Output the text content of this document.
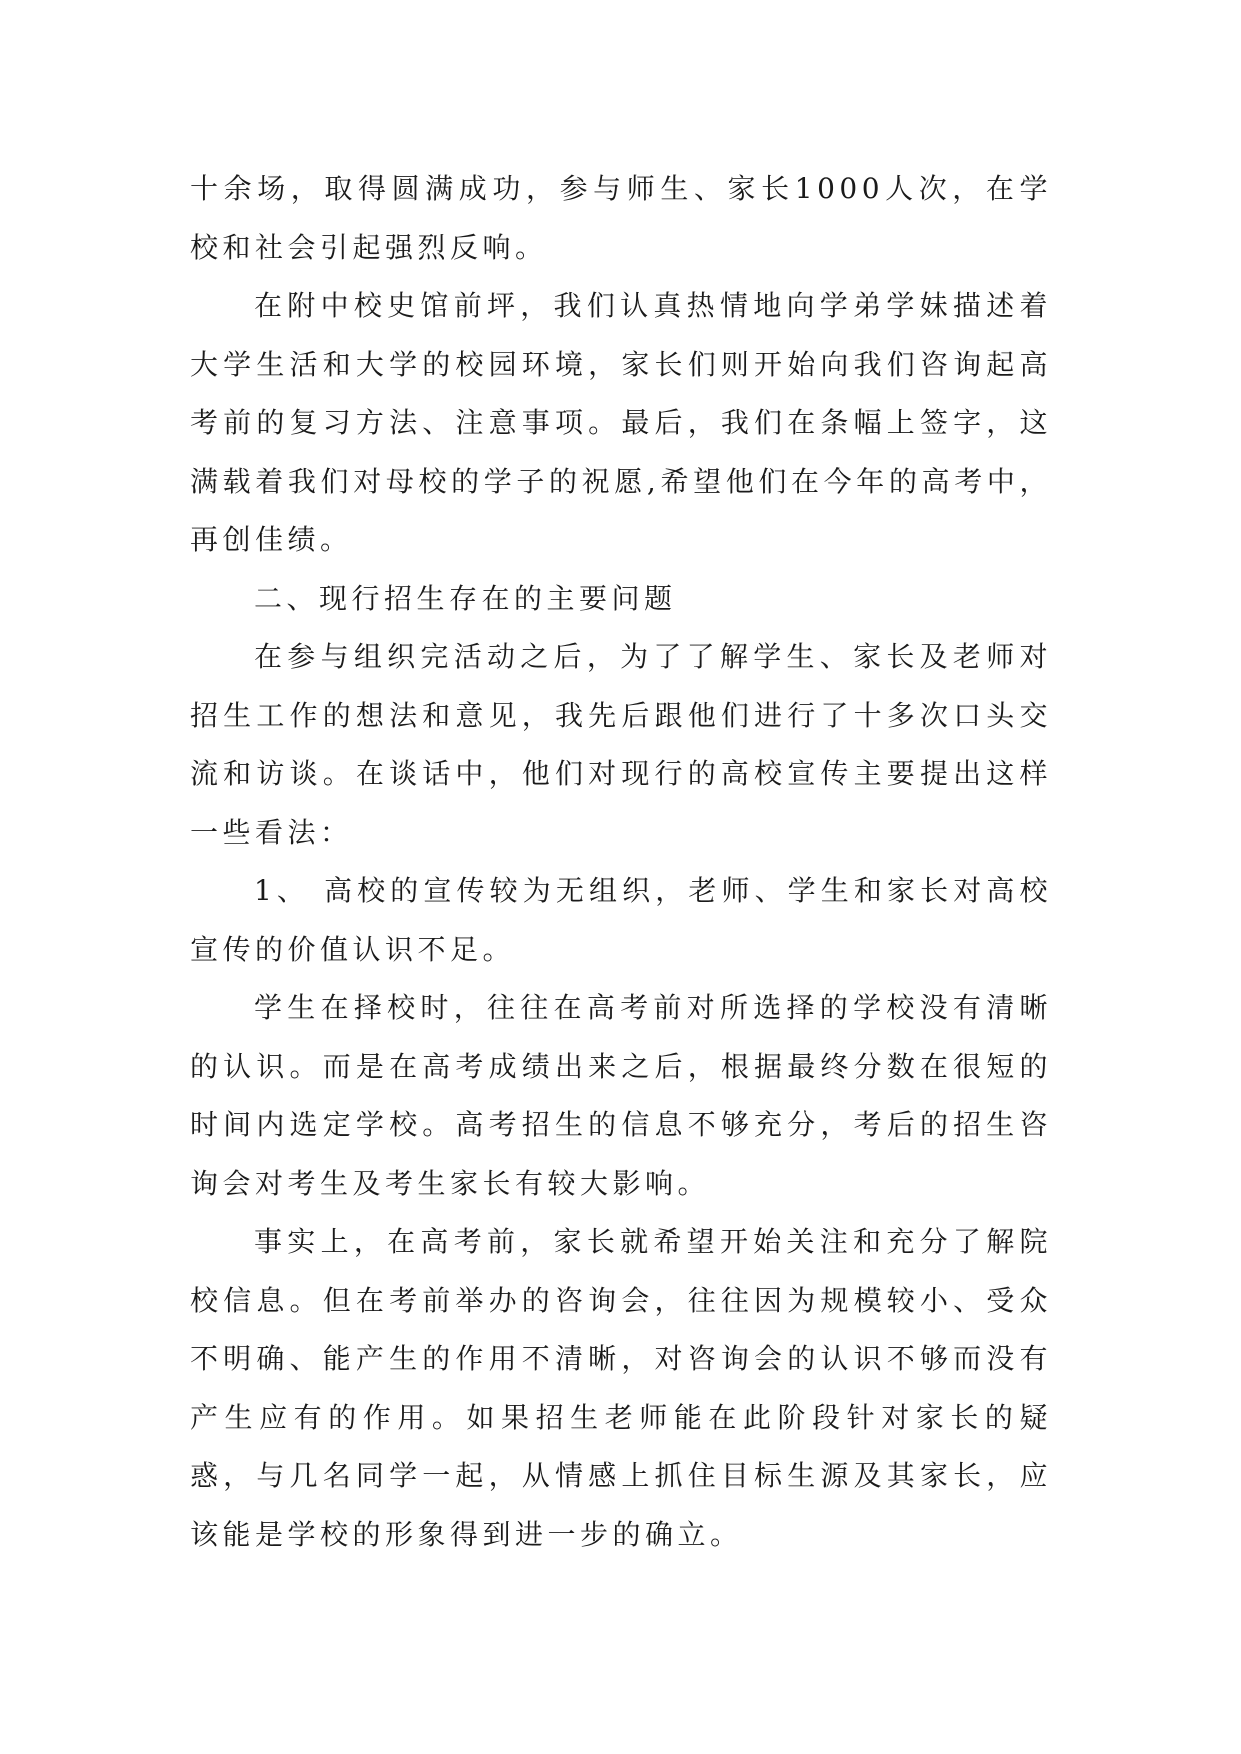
十余场，取得圆满成功，参与师生、家长1000人次，在学校和社会引起强烈反响。

在附中校史馆前坪，我们认真热情地向学弟学妹描述着大学生活和大学的校园环境，家长们则开始向我们咨询起高考前的复习方法、注意事项。最后，我们在条幅上签字，这满载着我们对母校的学子的祝愿,希望他们在今年的高考中，再创佳绩。

二、现行招生存在的主要问题

在参与组织完活动之后，为了了解学生、家长及老师对招生工作的想法和意见，我先后跟他们进行了十多次口头交流和访谈。在谈话中，他们对现行的高校宣传主要提出这样一些看法：

1、 高校的宣传较为无组织，老师、学生和家长对高校宣传的价值认识不足。

学生在择校时，往往在高考前对所选择的学校没有清晰的认识。而是在高考成绩出来之后，根据最终分数在很短的时间内选定学校。高考招生的信息不够充分，考后的招生咨询会对考生及考生家长有较大影响。

事实上，在高考前，家长就希望开始关注和充分了解院校信息。但在考前举办的咨询会，往往因为规模较小、受众不明确、能产生的作用不清晰，对咨询会的认识不够而没有产生应有的作用。如果招生老师能在此阶段针对家长的疑惑，与几名同学一起，从情感上抓住目标生源及其家长，应该能是学校的形象得到进一步的确立。
